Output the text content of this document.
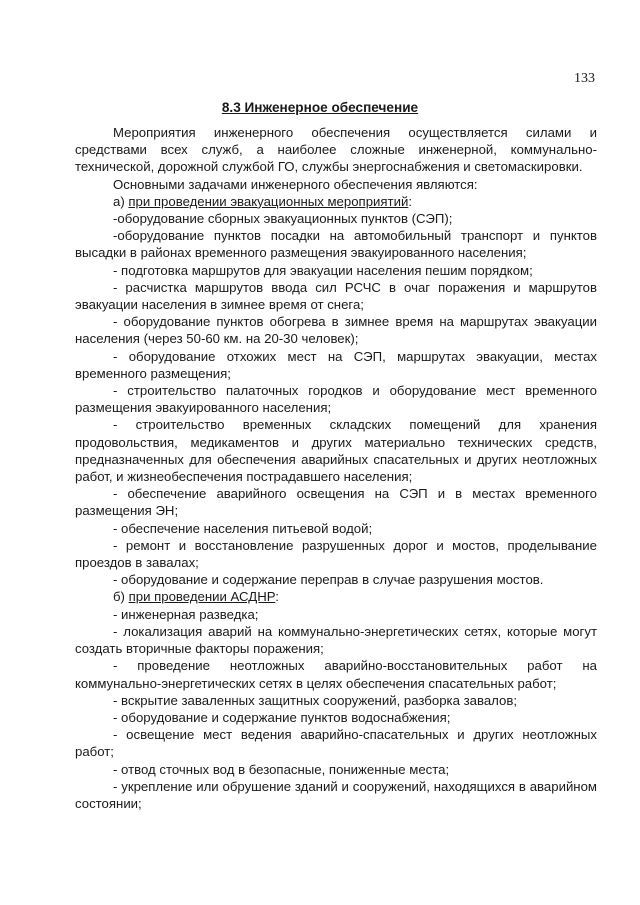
133
8.3 Инженерное обеспечение

Мероприятия инженерного обеспечения осуществляется силами и средствами всех служб, а наиболее сложные инженерной, коммунально-технической, дорожной службой ГО, службы энергоснабжения и светомаскировки.

Основными задачами инженерного обеспечения являются:

а) при проведении эвакуационных мероприятий:

-оборудование сборных эвакуационных пунктов (СЭП);

-оборудование пунктов посадки на автомобильный транспорт и пунктов высадки в районах временного размещения эвакуированного населения;

- подготовка маршрутов для эвакуации населения пешим порядком;

- расчистка маршрутов ввода сил РСЧС в очаг поражения и маршрутов эвакуации населения в зимнее время от снега;

- оборудование пунктов обогрева в зимнее время на маршрутах эвакуации населения (через 50-60 км. на 20-30 человек);

- оборудование отхожих мест на СЭП, маршрутах эвакуации, местах временного размещения;

- строительство палаточных городков и оборудование мест временного размещения эвакуированного населения;

- строительство временных складских помещений для хранения продовольствия, медикаментов и других материально технических средств, предназначенных для обеспечения аварийных спасательных и других неотложных работ, и жизнеобеспечения пострадавшего населения;

- обеспечение аварийного освещения на СЭП и в местах временного размещения ЭН;

- обеспечение населения питьевой водой;

- ремонт и восстановление разрушенных дорог и мостов, проделывание проездов в завалах;

- оборудование и содержание переправ в случае разрушения мостов.

б) при проведении АСДНР:

- инженерная разведка;

- локализация аварий на коммунально-энергетических сетях, которые могут создать вторичные факторы поражения;

- проведение неотложных аварийно-восстановительных работ на коммунально-энергетических сетях в целях обеспечения спасательных работ;

- вскрытие заваленных защитных сооружений, разборка завалов;

- оборудование и содержание пунктов водоснабжения;

- освещение мест ведения аварийно-спасательных и других неотложных работ;

- отвод сточных вод в безопасные, пониженные места;

- укрепление или обрушение зданий и сооружений, находящихся в аварийном состоянии;
